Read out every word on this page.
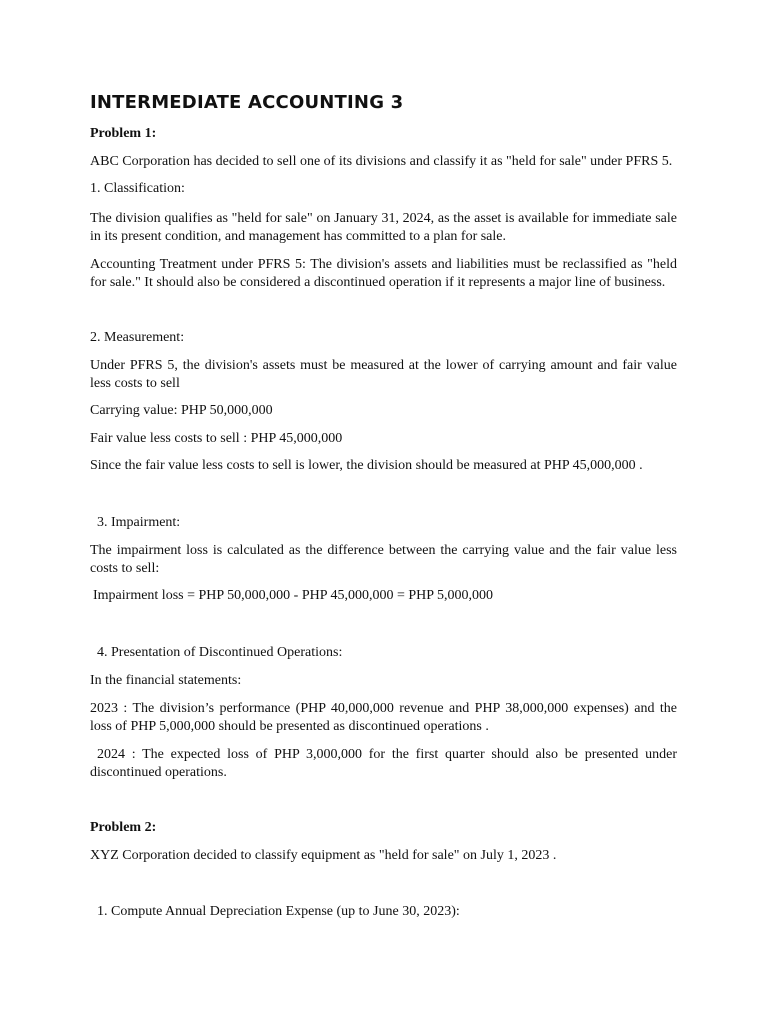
INTERMEDIATE ACCOUNTING 3

Problem 1:

ABC Corporation has decided to sell one of its divisions and classify it as "held for sale" under PFRS 5.

1. Classification:

The division qualifies as "held for sale" on January 31, 2024, as the asset is available for immediate sale in its present condition, and management has committed to a plan for sale.

Accounting Treatment under PFRS 5: The division's assets and liabilities must be reclassified as "held for sale." It should also be considered a discontinued operation if it represents a major line of business.

2. Measurement:

Under PFRS 5, the division's assets must be measured at the lower of carrying amount and fair value less costs to sell

Carrying value: PHP 50,000,000

Fair value less costs to sell : PHP 45,000,000

Since the fair value less costs to sell is lower, the division should be measured at PHP 45,000,000 .

3. Impairment:

The impairment loss is calculated as the difference between the carrying value and the fair value less costs to sell:

Impairment loss = PHP 50,000,000 - PHP 45,000,000 = PHP 5,000,000

4. Presentation of Discontinued Operations:

In the financial statements:

2023 : The division’s performance (PHP 40,000,000 revenue and PHP 38,000,000 expenses) and the loss of PHP 5,000,000 should be presented as discontinued operations .

2024 : The expected loss of PHP 3,000,000 for the first quarter should also be presented under discontinued operations.

Problem 2:

XYZ Corporation decided to classify equipment as "held for sale" on July 1, 2023 .

1. Compute Annual Depreciation Expense (up to June 30, 2023):
